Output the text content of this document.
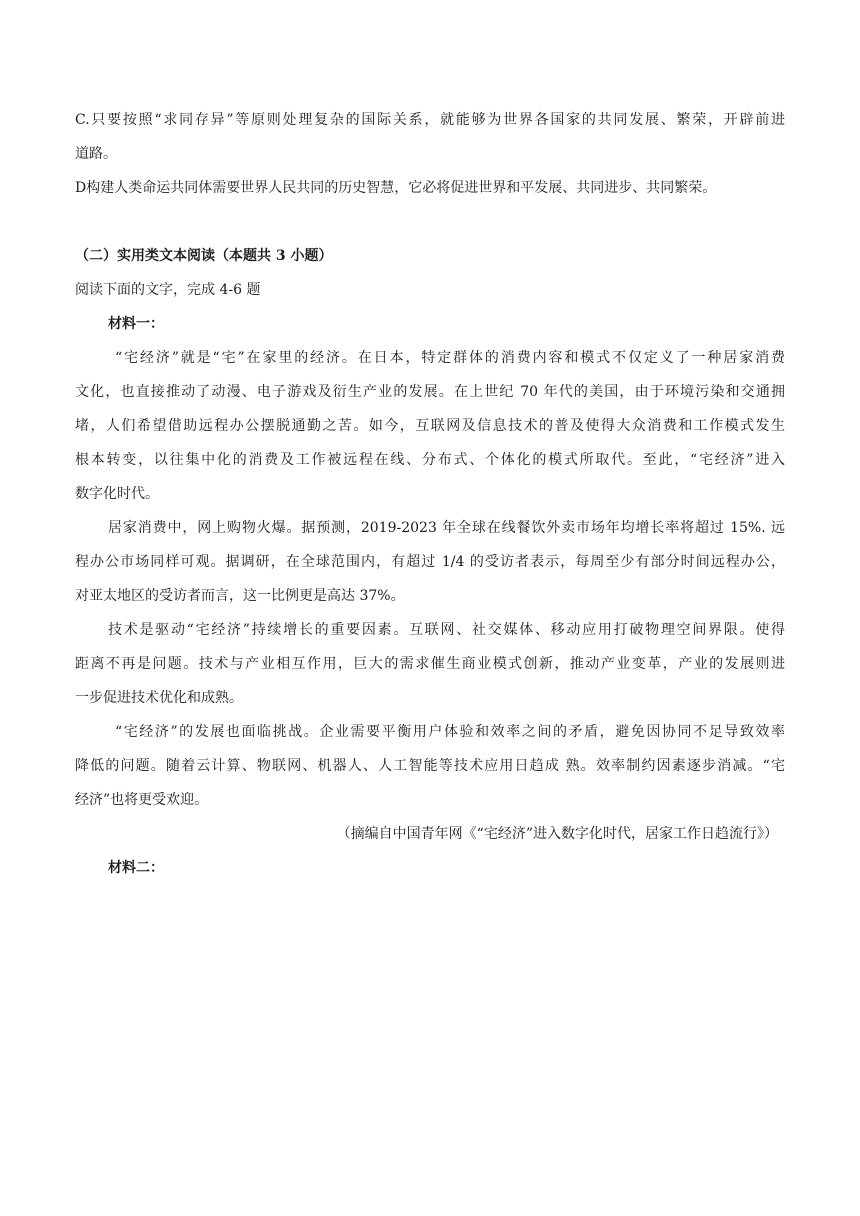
C.只要按照“求同存异”等原则处理复杂的国际关系，就能够为世界各国家的共同发展、繁荣，开辟前进
道路。
D构建人类命运共同体需要世界人民共同的历史智慧，它必将促进世界和平发展、共同进步、共同繁荣。
（二）实用类文本阅读（本题共 3 小题）
阅读下面的文字，完成 4-6 题
材料一：
“宅经济”就是“宅”在家里的经济。在日本，特定群体的消费内容和模式不仅定义了一种居家消费
文化，也直接推动了动漫、电子游戏及衍生产业的发展。在上世纪 70 年代的美国，由于环境污染和交通拥
堵，人们希望借助远程办公摆脱通勤之苦。如今，互联网及信息技术的普及使得大众消费和工作模式发生
根本转变，以往集中化的消费及工作被远程在线、分布式、个体化的模式所取代。至此，“宅经济”进入
数字化时代。
居家消费中，网上购物火爆。据预测，2019-2023 年全球在线餐饮外卖市场年均增长率将超过 15%. 远
程办公市场同样可观。据调研，在全球范围内，有超过 1/4 的受访者表示，每周至少有部分时间远程办公，
对亚太地区的受访者而言，这一比例更是高达 37%。
技术是驱动“宅经济”持续增长的重要因素。互联网、社交媒体、移动应用打破物理空间界限。使得
距离不再是问题。技术与产业相互作用，巨大的需求催生商业模式创新，推动产业变革，产业的发展则进
一步促进技术优化和成熟。
“宅经济”的发展也面临挑战。企业需要平衡用户体验和效率之间的矛盾，避免因协同不足导致效率
降低的问题。随着云计算、物联网、机器人、人工智能等技术应用日趋成 熟。效率制约因素逐步消减。“宅
经济”也将更受欢迎。
（摘编自中国青年网《“宅经济”进入数字化时代，居家工作日趋流行》）
材料二：
